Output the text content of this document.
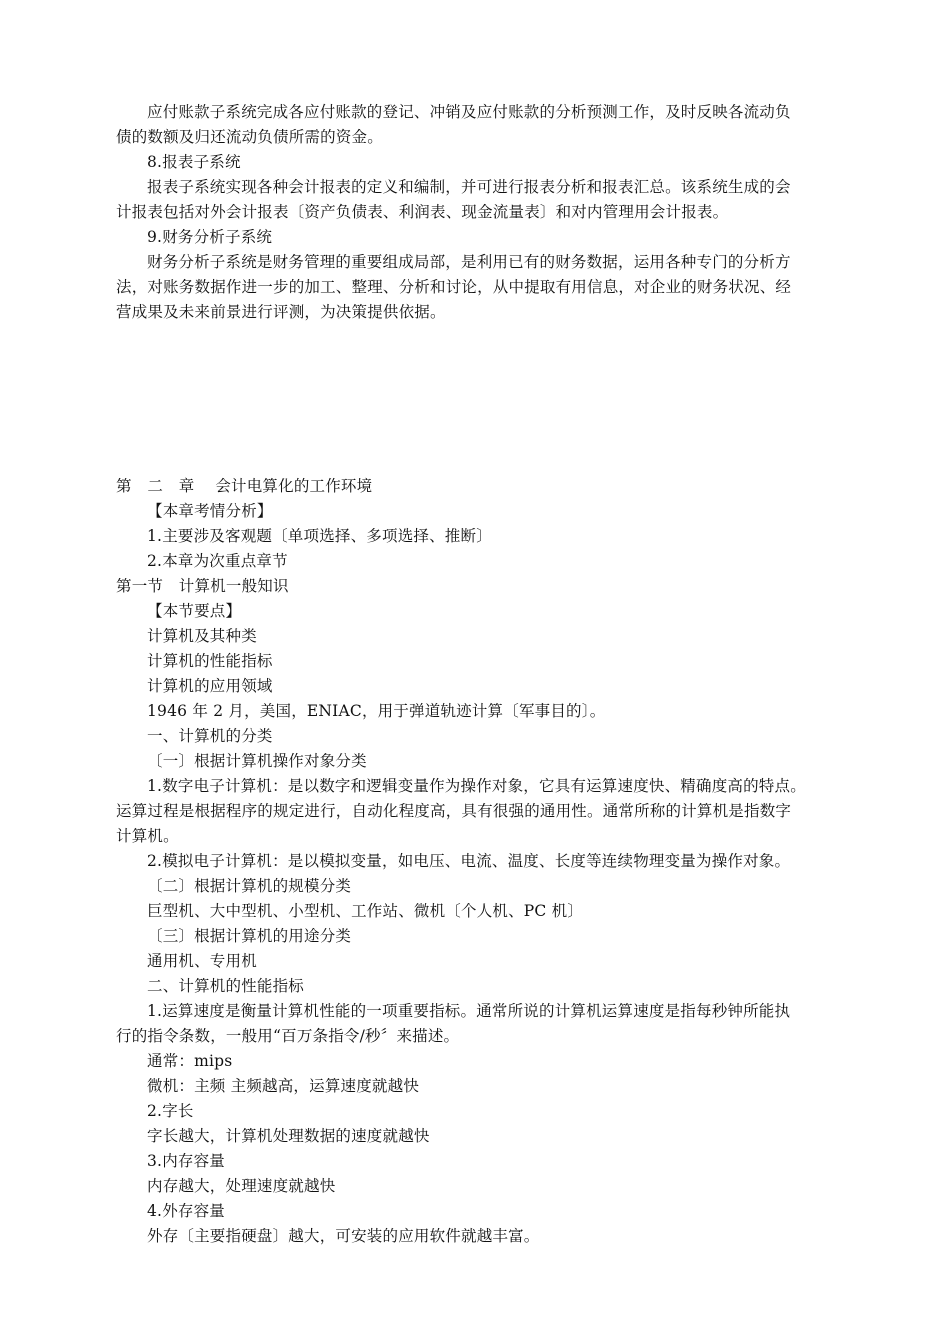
应付账款子系统完成各应付账款的登记、冲销及应付账款的分析预测工作，及时反映各流动负
债的数额及归还流动负债所需的资金。
8.报表子系统
报表子系统实现各种会计报表的定义和编制，并可进行报表分析和报表汇总。该系统生成的会
计报表包括对外会计报表〔资产负债表、利润表、现金流量表〕和对内管理用会计报表。
9.财务分析子系统
财务分析子系统是财务管理的重要组成局部，是利用已有的财务数据，运用各种专门的分析方
法，对账务数据作进一步的加工、整理、分析和讨论，从中提取有用信息，对企业的财务状况、经
营成果及未来前景进行评测，为决策提供依据。
第　二　章　 会计电算化的工作环境
【本章考情分析】
1.主要涉及客观题〔单项选择、多项选择、推断〕
2.本章为次重点章节
第一节　计算机一般知识
【本节要点】
计算机及其种类
计算机的性能指标
计算机的应用领域
1946 年 2 月，美国，ENIAC，用于弹道轨迹计算〔军事目的〕。
一、计算机的分类
〔一〕根据计算机操作对象分类
1.数字电子计算机：是以数字和逻辑变量作为操作对象，它具有运算速度快、精确度高的特点。
运算过程是根据程序的规定进行，自动化程度高，具有很强的通用性。通常所称的计算机是指数字
计算机。
2.模拟电子计算机：是以模拟变量，如电压、电流、温度、长度等连续物理变量为操作对象。
〔二〕根据计算机的规模分类
巨型机、大中型机、小型机、工作站、微机〔个人机、PC 机〕
〔三〕根据计算机的用途分类
通用机、专用机
二、计算机的性能指标
1.运算速度是衡量计算机性能的一项重要指标。通常所说的计算机运算速度是指每秒钟所能执
行的指令条数，一般用“百万条指令/秒〞来描述。
通常：mips
微机：主频 主频越高，运算速度就越快
2.字长
字长越大，计算机处理数据的速度就越快
3.内存容量
内存越大，处理速度就越快
4.外存容量
外存〔主要指硬盘〕越大，可安装的应用软件就越丰富。
